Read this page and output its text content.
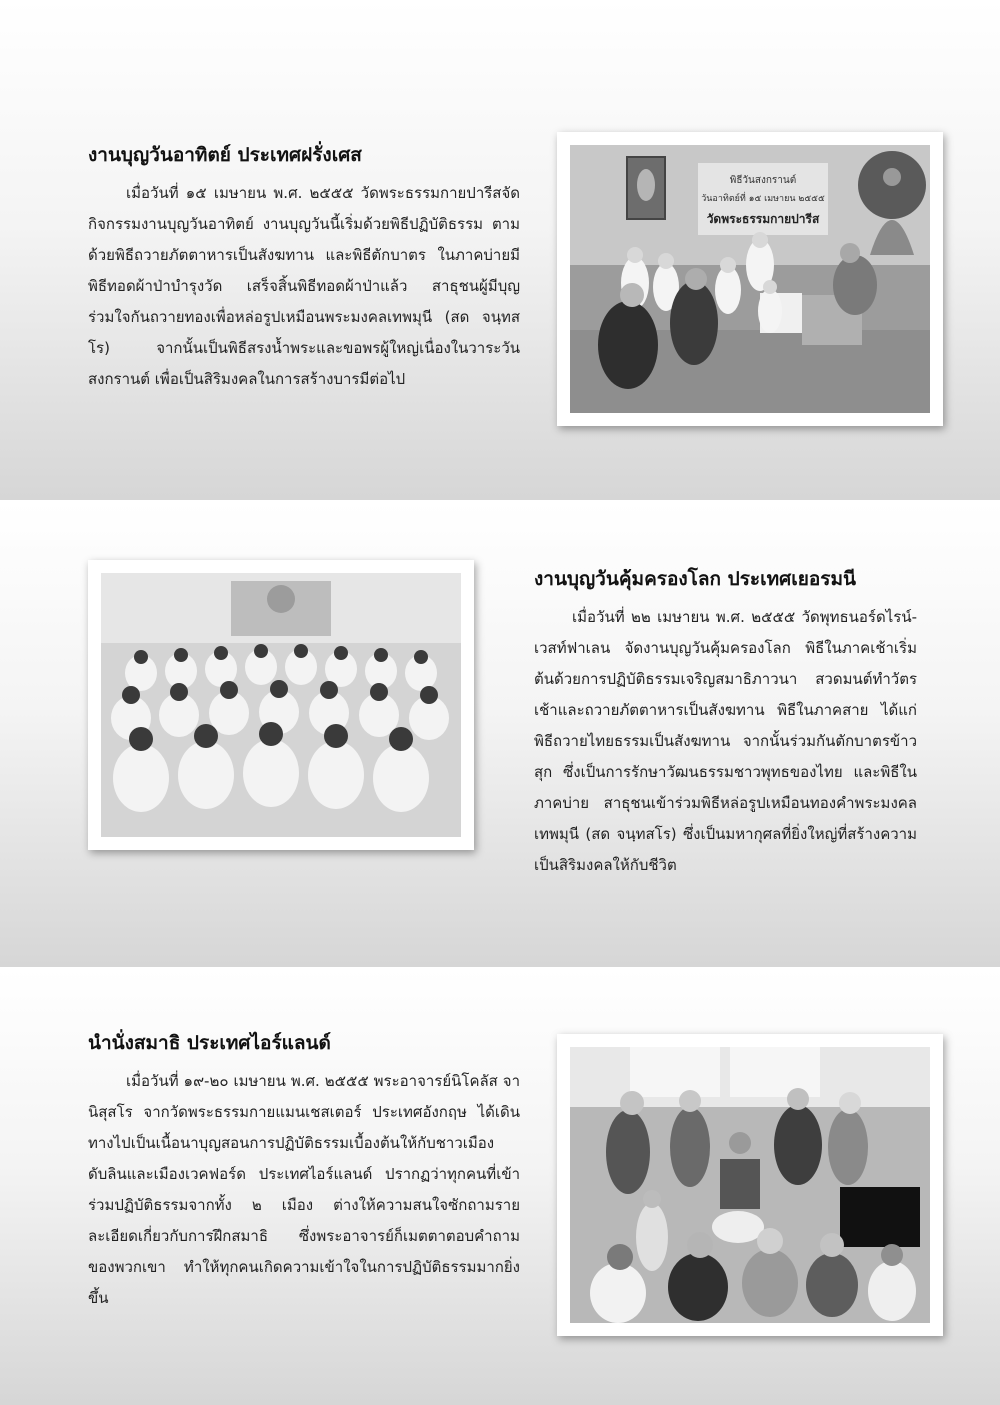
งานบุญวันอาทิตย์ ประเทศฝรั่งเศส

เมื่อวันที่ ๑๕ เมษายน พ.ศ. ๒๕๕๕ วัดพระธรรมกายปารีสจัดกิจกรรมงานบุญวันอาทิตย์ งานบุญวันนี้เริ่มด้วยพิธีปฏิบัติธรรม ตามด้วยพิธีถวายภัตตาหารเป็นสังฆทาน และพิธีตักบาตร ในภาคบ่ายมีพิธีทอดผ้าป่าบำรุงวัด เสร็จสิ้นพิธีทอดผ้าป่าแล้ว สาธุชนผู้มีบุญร่วมใจกันถวายทองเพื่อหล่อรูปเหมือนพระมงคลเทพมุนี (สด จนฺทสโร) จากนั้นเป็นพิธีสรงน้ำพระและขอพรผู้ใหญ่เนื่องในวาระวันสงกรานต์ เพื่อเป็นสิริมงคลในการสร้างบารมีต่อไป

พิธีวันสงกรานต์
วันอาทิตย์ที่ ๑๕ เมษายน ๒๕๕๕
วัดพระธรรมกายปารีส
งานบุญวันคุ้มครองโลก ประเทศเยอรมนี

เมื่อวันที่ ๒๒ เมษายน พ.ศ. ๒๕๕๕ วัดพุทธนอร์ดไรน์-เวสท์ฟาเลน จัดงานบุญวันคุ้มครองโลก พิธีในภาคเช้าเริ่มต้นด้วยการปฏิบัติธรรมเจริญสมาธิภาวนา สวดมนต์ทำวัตรเช้าและถวายภัตตาหารเป็นสังฆทาน พิธีในภาคสาย ได้แก่พิธีถวายไทยธรรมเป็นสังฆทาน จากนั้นร่วมกันตักบาตรข้าวสุก ซึ่งเป็นการรักษาวัฒนธรรมชาวพุทธของไทย และพิธีในภาคบ่าย สาธุชนเข้าร่วมพิธีหล่อรูปเหมือนทองคำพระมงคลเทพมุนี (สด จนฺทสโร) ซึ่งเป็นมหากุศลที่ยิ่งใหญ่ที่สร้างความเป็นสิริมงคลให้กับชีวิต

นำนั่งสมาธิ ประเทศไอร์แลนด์

เมื่อวันที่ ๑๙-๒๐ เมษายน พ.ศ. ๒๕๕๕ พระอาจารย์นิโคลัส จานิสุสโร จากวัดพระธรรมกายแมนเชสเตอร์ ประเทศอังกฤษ ได้เดินทางไปเป็นเนื้อนาบุญสอนการปฏิบัติธรรมเบื้องต้นให้กับชาวเมืองดับลินและเมืองเวคฟอร์ด ประเทศไอร์แลนด์ ปรากฏว่าทุกคนที่เข้าร่วมปฏิบัติธรรมจากทั้ง ๒ เมือง ต่างให้ความสนใจซักถามรายละเอียดเกี่ยวกับการฝึกสมาธิ ซึ่งพระอาจารย์ก็เมตตาตอบคำถามของพวกเขา ทำให้ทุกคนเกิดความเข้าใจในการปฏิบัติธรรมมากยิ่งขึ้น
